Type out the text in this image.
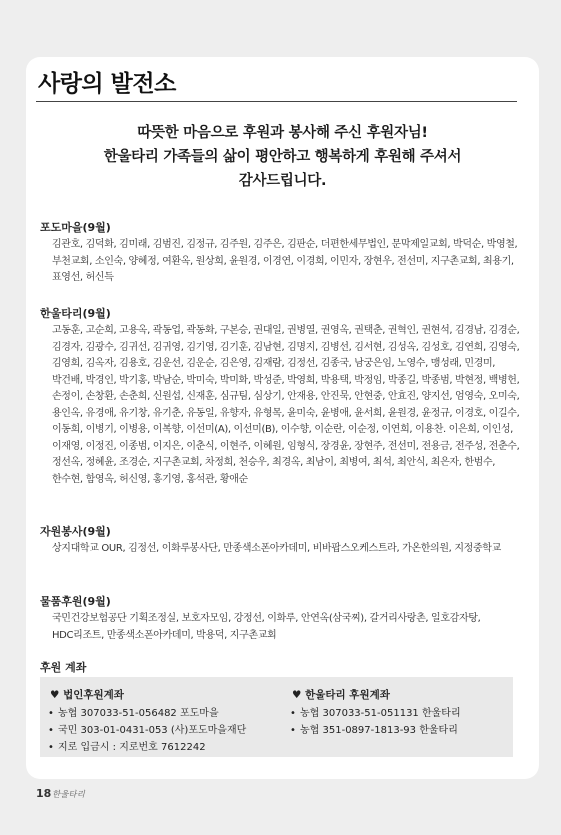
사랑의 발전소
따뜻한 마음으로 후원과 봉사해 주신 후원자님!
한울타리 가족들의 삶이 평안하고 행복하게 후원해 주셔서
감사드립니다.
포도마을(9월)
김관호, 김덕화, 김미래, 김범진, 김정규, 김주원, 김주은, 김판순, 더편한세무법인, 문막제일교회, 박덕순, 박영철, 부천교회, 소인숙, 양혜정, 여환옥, 원상희, 윤원경, 이경연, 이경희, 이민자, 장현우, 전선미, 지구촌교회, 최용기, 표영선, 허신득
한울타리(9월)
고동훈, 고순희, 고용옥, 곽동업, 곽동화, 구본승, 권대일, 권병열, 권영옥, 권택춘, 권혁인, 권현석, 김경남, 김경순, 김경자, 김광수, 김귀선, 김귀영, 김기영, 김기훈, 김남현, 김명지, 김병선, 김서현, 김성옥, 김성호, 김연희, 김영숙, 김영희, 김옥자, 김용호, 김운선, 김운순, 김은영, 김재람, 김정선, 김종국, 남궁은임, 노영수, 맹성래, 민경미, 박건배, 박경인, 박기홍, 박남순, 박미숙, 박미화, 박성준, 박영희, 박용택, 박정임, 박종길, 박종범, 박현정, 백병헌, 손정이, 손창환, 손춘희, 신원섭, 신재훈, 심규팀, 심상기, 안재용, 안진묵, 안현중, 안효진, 양지선, 엄영숙, 오미숙, 용인옥, 유경애, 유기창, 유기춘, 유동일, 유향자, 유형목, 윤미숙, 윤병애, 윤서희, 윤원경, 윤정규, 이경호, 이길수, 이동희, 이병기, 이병용, 이복향, 이선미(A), 이선미(B), 이수향, 이순란, 이순정, 이연희, 이용찬. 이은희, 이인성, 이재영, 이정진, 이종범, 이지은, 이춘식, 이현주, 이혜원, 임형식, 장경윤, 장현주, 전선미, 전용금, 전주성, 전춘수, 정선옥, 정혜윤, 조경순, 지구촌교회, 차정희, 천승우, 최경옥, 최남이, 최병여, 최석, 최안식, 최은자, 한범수, 한수현, 함영옥, 허신영, 홍기영, 홍석관, 황애순
자원봉사(9월)
상지대학교 OUR, 김정선, 이화루봉사단, 만종색소폰아카데미, 비바팝스오케스트라, 가온한의원, 지정중학교
물품후원(9월)
국민건강보험공단 기획조정실, 보호자모임, 강정선, 이화루, 안연옥(삼국찌), 갈거리사랑촌, 일호감자탕, HDC리조트, 만종색소폰아카데미, 박용덕, 지구촌교회
후원 계좌
♥ 법인후원계좌
• 농협 307033-51-056482 포도마을
• 국민 303-01-0431-053 (사)포도마을재단
• 지로 입금시 : 지로번호 7612242
♥ 한울타리 후원계좌
• 농협 307033-51-051131 한울타리
• 농협 351-0897-1813-93 한울타리
18 한울타리
